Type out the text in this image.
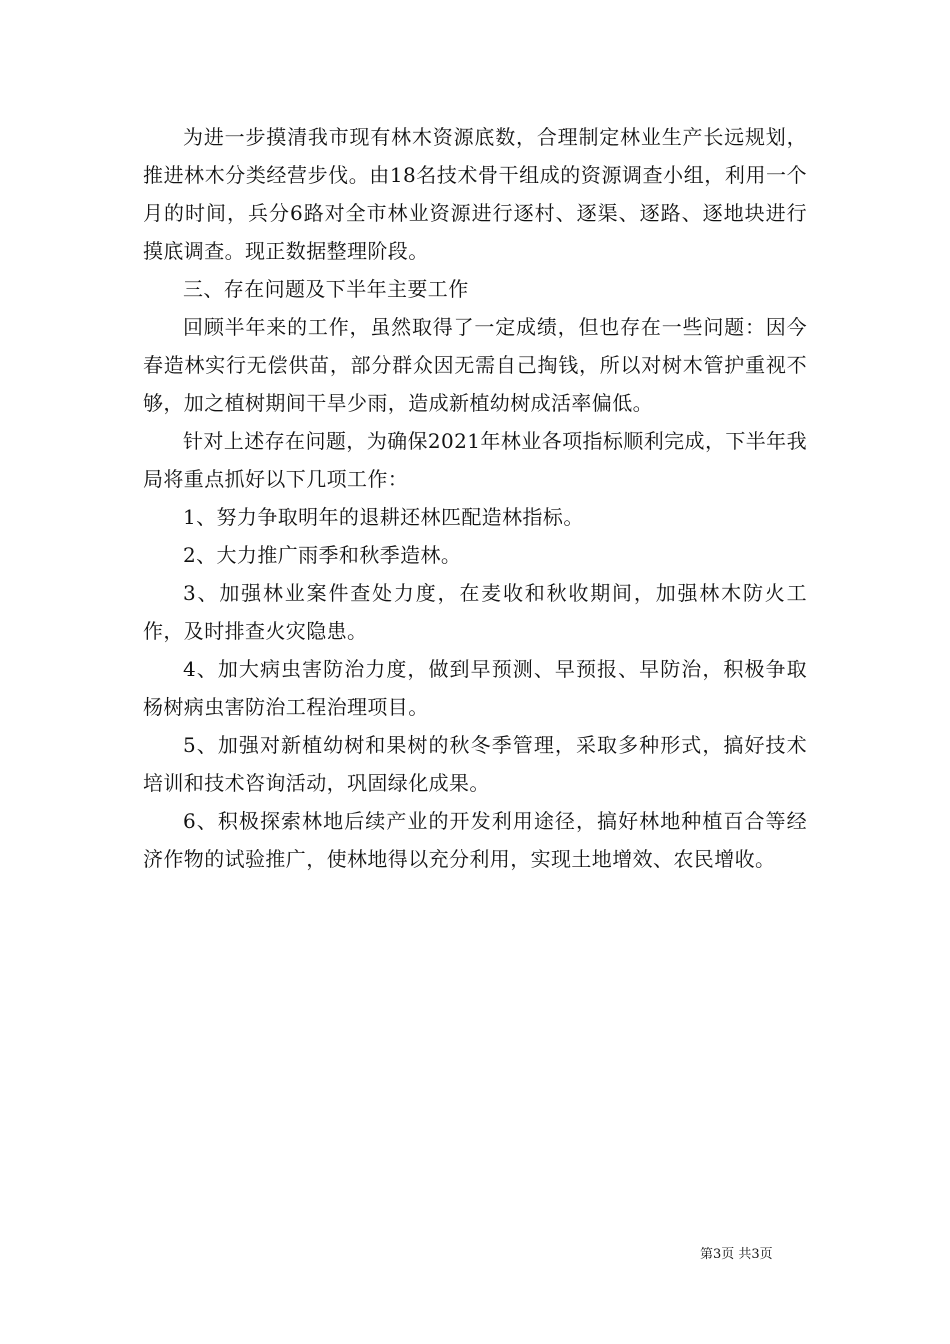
为进一步摸清我市现有林木资源底数，合理制定林业生产长远规划，推进林木分类经营步伐。由18名技术骨干组成的资源调查小组，利用一个月的时间，兵分6路对全市林业资源进行逐村、逐渠、逐路、逐地块进行摸底调查。现正数据整理阶段。

三、存在问题及下半年主要工作

回顾半年来的工作，虽然取得了一定成绩，但也存在一些问题：因今春造林实行无偿供苗，部分群众因无需自己掏钱，所以对树木管护重视不够，加之植树期间干旱少雨，造成新植幼树成活率偏低。

针对上述存在问题，为确保2021年林业各项指标顺利完成，下半年我局将重点抓好以下几项工作：

1、努力争取明年的退耕还林匹配造林指标。

2、大力推广雨季和秋季造林。

3、加强林业案件查处力度，在麦收和秋收期间，加强林木防火工作，及时排查火灾隐患。

4、加大病虫害防治力度，做到早预测、早预报、早防治，积极争取杨树病虫害防治工程治理项目。

5、加强对新植幼树和果树的秋冬季管理，采取多种形式，搞好技术培训和技术咨询活动，巩固绿化成果。

6、积极探索林地后续产业的开发利用途径，搞好林地种植百合等经济作物的试验推广，使林地得以充分利用，实现土地增效、农民增收。

第3页 共3页
